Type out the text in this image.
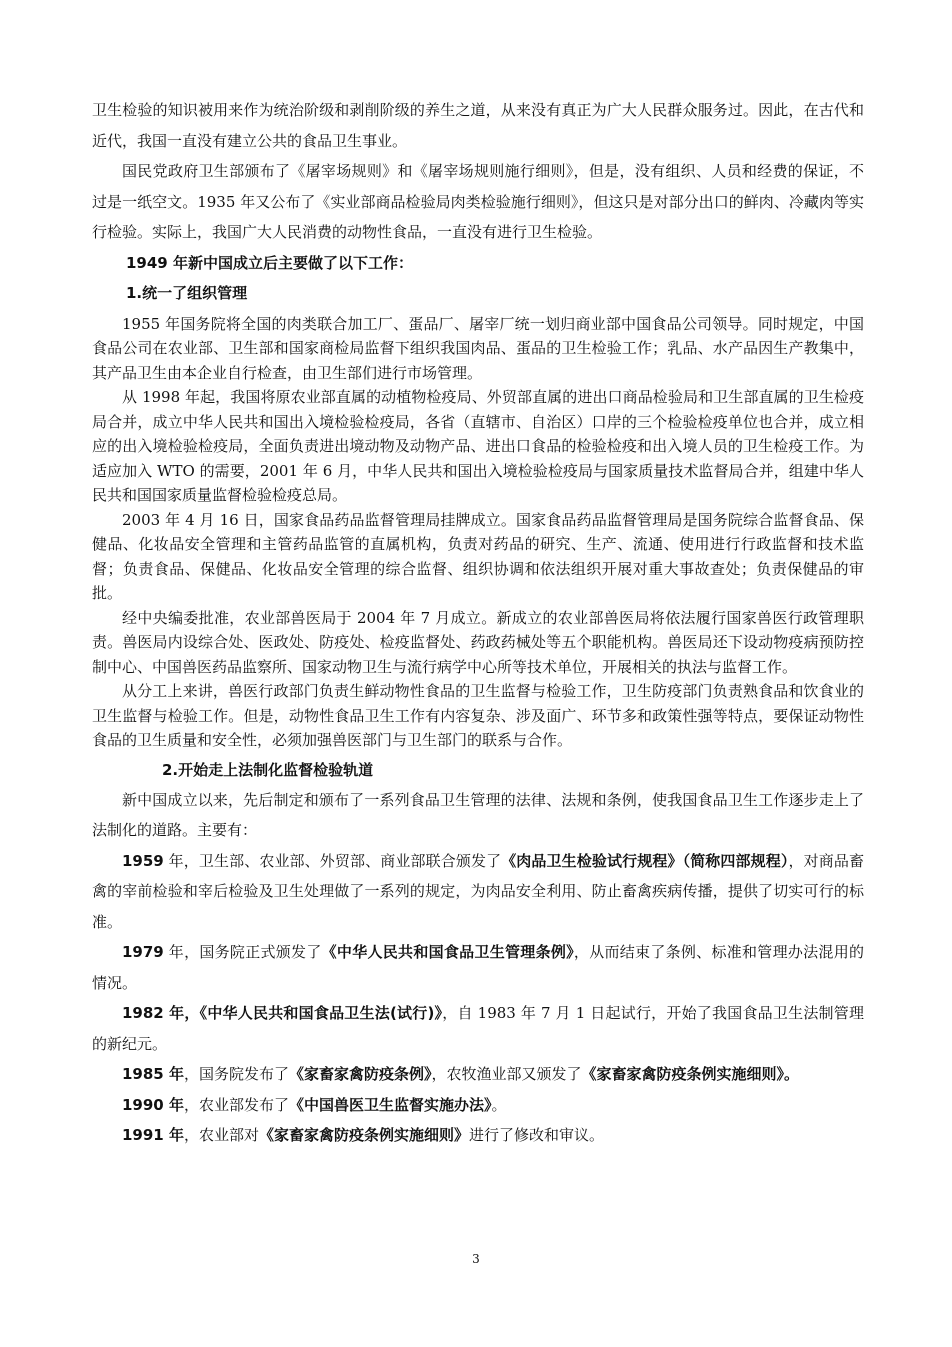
卫生检验的知识被用来作为统治阶级和剥削阶级的养生之道，从来没有真正为广大人民群众服务过。因此，在古代和近代，我国一直没有建立公共的食品卫生事业。

国民党政府卫生部颁布了《屠宰场规则》和《屠宰场规则施行细则》，但是，没有组织、人员和经费的保证，不过是一纸空文。1935 年又公布了《实业部商品检验局肉类检验施行细则》，但这只是对部分出口的鲜肉、冷藏肉等实行检验。实际上，我国广大人民消费的动物性食品，一直没有进行卫生检验。

1949 年新中国成立后主要做了以下工作：

1.统一了组织管理

1955 年国务院将全国的肉类联合加工厂、蛋品厂、屠宰厂统一划归商业部中国食品公司领导。同时规定，中国食品公司在农业部、卫生部和国家商检局监督下组织我国肉品、蛋品的卫生检验工作；乳品、水产品因生产教集中，其产品卫生由本企业自行检查，由卫生部们进行市场管理。

从 1998 年起，我国将原农业部直属的动植物检疫局、外贸部直属的进出口商品检验局和卫生部直属的卫生检疫局合并，成立中华人民共和国出入境检验检疫局，各省（直辖市、自治区）口岸的三个检验检疫单位也合并，成立相应的出入境检验检疫局，全面负责进出境动物及动物产品、进出口食品的检验检疫和出入境人员的卫生检疫工作。为适应加入 WTO 的需要，2001 年 6 月，中华人民共和国出入境检验检疫局与国家质量技术监督局合并，组建中华人民共和国国家质量监督检验检疫总局。

2003 年 4 月 16 日，国家食品药品监督管理局挂牌成立。国家食品药品监督管理局是国务院综合监督食品、保健品、化妆品安全管理和主管药品监管的直属机构，负责对药品的研究、生产、流通、使用进行行政监督和技术监督；负责食品、保健品、化妆品安全管理的综合监督、组织协调和依法组织开展对重大事故查处；负责保健品的审批。

经中央编委批准，农业部兽医局于 2004 年 7 月成立。新成立的农业部兽医局将依法履行国家兽医行政管理职责。兽医局内设综合处、医政处、防疫处、检疫监督处、药政药械处等五个职能机构。兽医局还下设动物疫病预防控制中心、中国兽医药品监察所、国家动物卫生与流行病学中心所等技术单位，开展相关的执法与监督工作。

从分工上来讲，兽医行政部门负责生鲜动物性食品的卫生监督与检验工作，卫生防疫部门负责熟食品和饮食业的卫生监督与检验工作。但是，动物性食品卫生工作有内容复杂、涉及面广、环节多和政策性强等特点，要保证动物性食品的卫生质量和安全性，必须加强兽医部门与卫生部门的联系与合作。

2.开始走上法制化监督检验轨道

新中国成立以来，先后制定和颁布了一系列食品卫生管理的法律、法规和条例，使我国食品卫生工作逐步走上了法制化的道路。主要有：

1959 年，卫生部、农业部、外贸部、商业部联合颁发了《肉品卫生检验试行规程》（简称四部规程），对商品畜禽的宰前检验和宰后检验及卫生处理做了一系列的规定，为肉品安全利用、防止畜禽疾病传播，提供了切实可行的标准。

1979 年，国务院正式颁发了《中华人民共和国食品卫生管理条例》，从而结束了条例、标准和管理办法混用的情况。

1982 年，《中华人民共和国食品卫生法(试行)》，自 1983 年 7 月 1 日起试行，开始了我国食品卫生法制管理的新纪元。

1985 年，国务院发布了《家畜家禽防疫条例》，农牧渔业部又颁发了《家畜家禽防疫条例实施细则》。

1990 年，农业部发布了《中国兽医卫生监督实施办法》。

1991 年，农业部对《家畜家禽防疫条例实施细则》进行了修改和审议。

3
